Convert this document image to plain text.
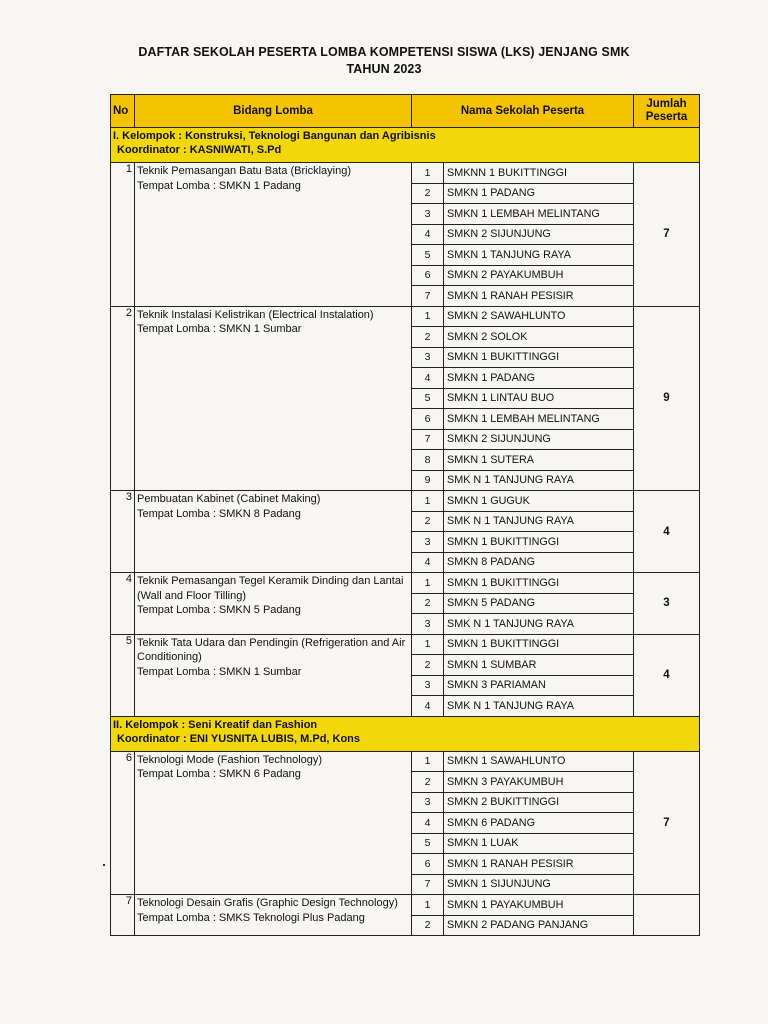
DAFTAR SEKOLAH PESERTA LOMBA KOMPETENSI SISWA (LKS) JENJANG SMK
TAHUN 2023
No	Bidang Lomba	Nama Sekolah Peserta		Jumlah Peserta

I. Kelompok : Konstruksi, Teknologi Bangunan dan Agribisnis
Koordinator : KASNIWATI, S.Pd				

1	Teknik Pemasangan Batu Bata (Bricklaying)
Tempat Lomba : SMKN 1 Padang	1	SMKNN 1 BUKITTINGGI	7
		2	SMKN 1 PADANG	
		3	SMKN 1 LEMBAH MELINTANG	
		4	SMKN 2 SIJUNJUNG	
		5	SMKN 1 TANJUNG RAYA	
		6	SMKN 2 PAYAKUMBUH	
		7	SMKN 1 RANAH PESISIR	
2	Teknik Instalasi Kelistrikan (Electrical Instalation)
Tempat Lomba : SMKN 1 Sumbar	1	SMKN 2 SAWAHLUNTO	9
		2	SMKN 2 SOLOK	
		3	SMKN 1 BUKITTINGGI	
		4	SMKN 1 PADANG	
		5	SMKN 1 LINTAU BUO	
		6	SMKN 1 LEMBAH MELINTANG	
		7	SMKN 2 SIJUNJUNG	
		8	SMKN 1 SUTERA	
		9	SMK N 1 TANJUNG RAYA	
3	Pembuatan Kabinet (Cabinet Making)
Tempat Lomba : SMKN 8 Padang	1	SMKN 1 GUGUK	4
		2	SMK N 1 TANJUNG RAYA	
		3	SMKN 1 BUKITTINGGI	
		4	SMKN 8 PADANG	
4	Teknik Pemasangan Tegel Keramik Dinding dan Lantai (Wall and Floor Tilling)
Tempat Lomba : SMKN 5 Padang	1	SMKN 1 BUKITTINGGI	3
		2	SMKN 5 PADANG	
		3	SMK N 1 TANJUNG RAYA	
5	Teknik Tata Udara dan Pendingin (Refrigeration and Air Conditioning)
Tempat Lomba : SMKN 1 Sumbar	1	SMKN 1 BUKITTINGGI	4
		2	SMKN 1 SUMBAR	
		3	SMKN 3 PARIAMAN	
		4	SMK N 1 TANJUNG RAYA	

II. Kelompok : Seni Kreatif dan Fashion
Koordinator : ENI YUSNITA LUBIS, M.Pd, Kons				

6	Teknologi Mode (Fashion Technology)
Tempat Lomba : SMKN 6 Padang	1	SMKN 1 SAWAHLUNTO	7
		2	SMKN 3 PAYAKUMBUH	
		3	SMKN 2 BUKITTINGGI	
		4	SMKN 6 PADANG	
		5	SMKN 1 LUAK	
		6	SMKN 1 RANAH PESISIR	
		7	SMKN 1 SIJUNJUNG	
7	Teknologi Desain Grafis (Graphic Design Technology)
Tempat Lomba : SMKS Teknologi Plus Padang	1	SMKN 1 PAYAKUMBUH	
		2	SMKN 2 PADANG PANJANG	
